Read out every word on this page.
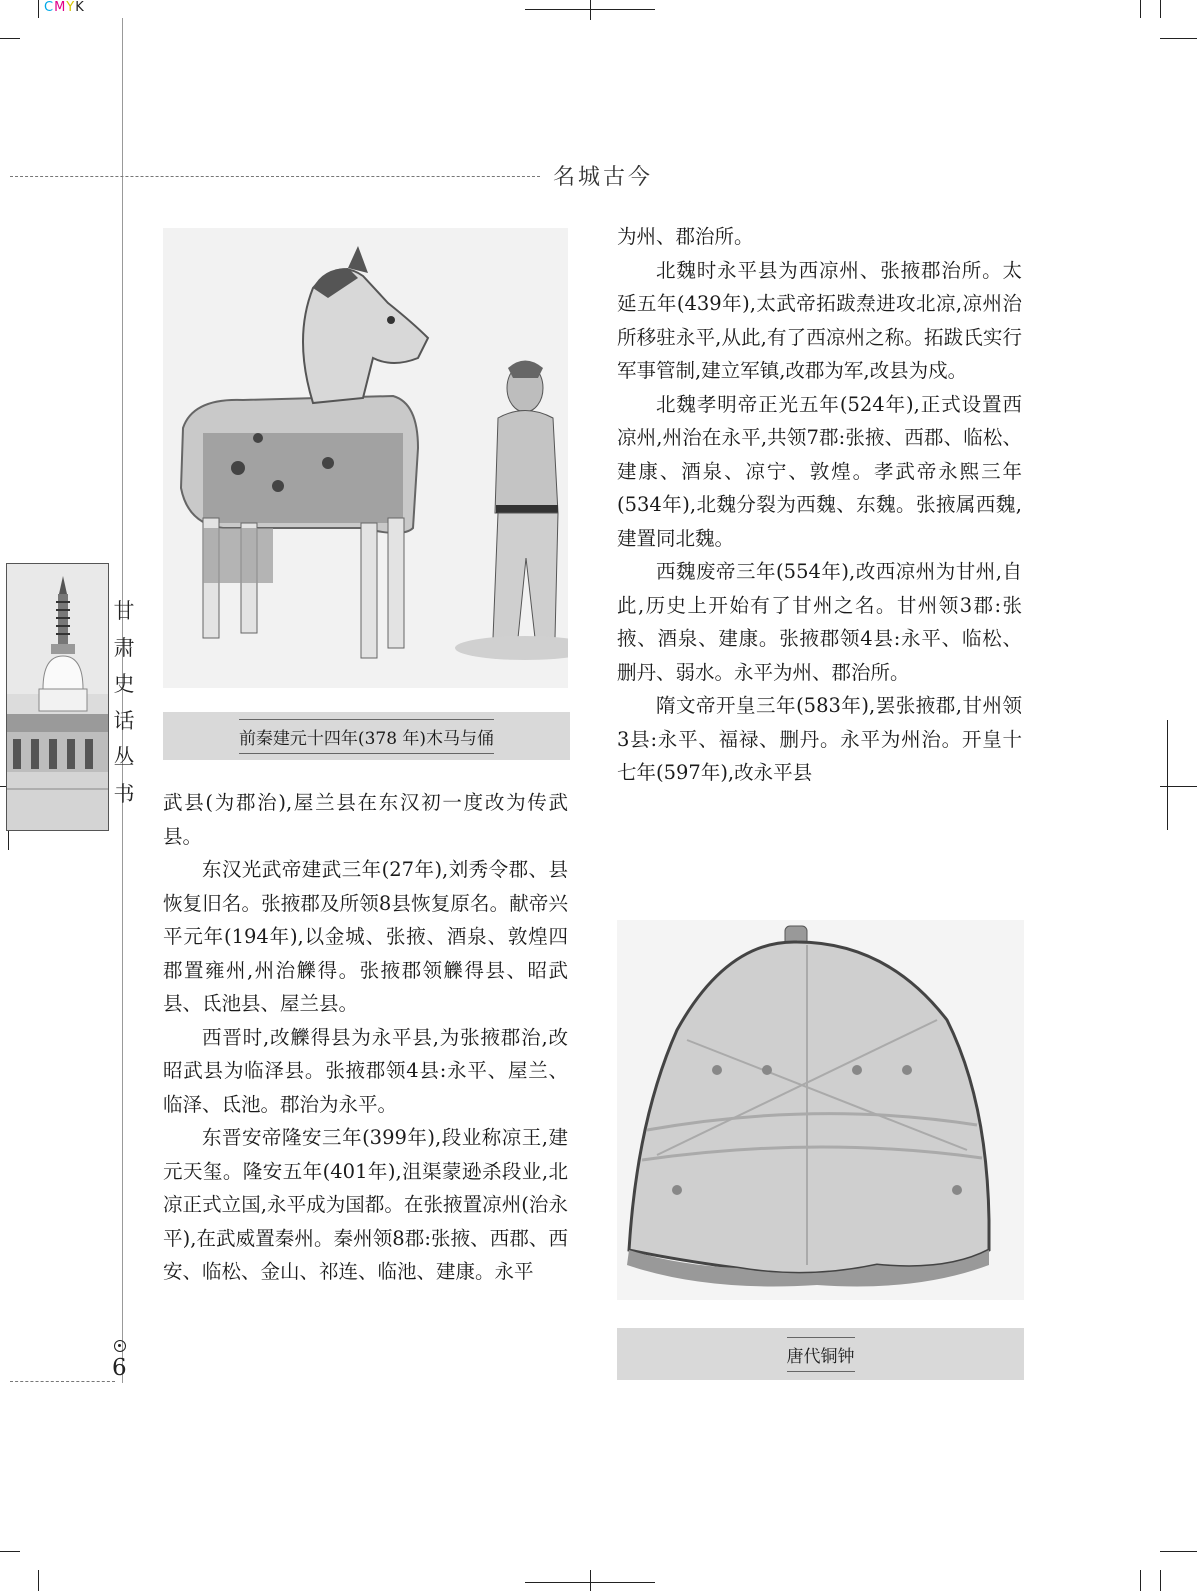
CMYK
名城古今
甘
肃
史
话
丛
书
6
前秦建元十四年(378 年)木马与俑

武县(为郡治),屋兰县在东汉初一度改为传武县。

东汉光武帝建武三年(27年),刘秀令郡、县恢复旧名。张掖郡及所领8县恢复原名。献帝兴平元年(194年),以金城、张掖、酒泉、敦煌四郡置雍州,州治觻得。张掖郡领觻得县、昭武县、氐池县、屋兰县。

西晋时,改觻得县为永平县,为张掖郡治,改昭武县为临泽县。张掖郡领4县:永平、屋兰、临泽、氐池。郡治为永平。

东晋安帝隆安三年(399年),段业称凉王,建元天玺。隆安五年(401年),沮渠蒙逊杀段业,北凉正式立国,永平成为国都。在张掖置凉州(治永平),在武威置秦州。秦州领8郡:张掖、西郡、西安、临松、金山、祁连、临池、建康。永平

为州、郡治所。

北魏时永平县为西凉州、张掖郡治所。太延五年(439年),太武帝拓跋焘进攻北凉,凉州治所移驻永平,从此,有了西凉州之称。拓跋氏实行军事管制,建立军镇,改郡为军,改县为戍。

北魏孝明帝正光五年(524年),正式设置西凉州,州治在永平,共领7郡:张掖、西郡、临松、建康、酒泉、凉宁、敦煌。孝武帝永熙三年(534年),北魏分裂为西魏、东魏。张掖属西魏,建置同北魏。

西魏废帝三年(554年),改西凉州为甘州,自此,历史上开始有了甘州之名。甘州领3郡:张掖、酒泉、建康。张掖郡领4县:永平、临松、删丹、弱水。永平为州、郡治所。

隋文帝开皇三年(583年),罢张掖郡,甘州领3县:永平、福禄、删丹。永平为州治。开皇十七年(597年),改永平县

唐代铜钟
